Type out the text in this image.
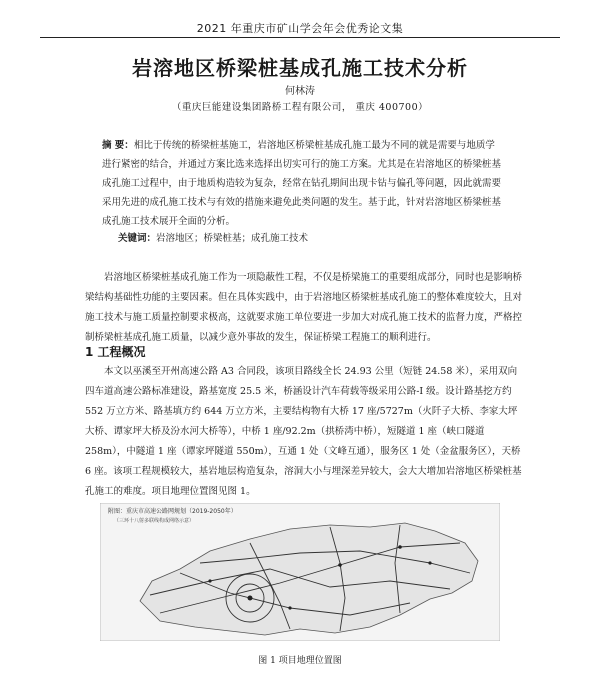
2021 年重庆市矿山学会年会优秀论文集
岩溶地区桥梁桩基成孔施工技术分析
何林涛
（重庆巨能建设集团路桥工程有限公司， 重庆 400700）

摘 要：相比于传统的桥梁桩基施工，岩溶地区桥梁桩基成孔施工最为不同的就是需要与地质学进行紧密的结合，并通过方案比选来选择出切实可行的施工方案。尤其是在岩溶地区的桥梁桩基成孔施工过程中，由于地质构造较为复杂，经常在钻孔期间出现卡钻与偏孔等问题，因此就需要采用先进的成孔施工技术与有效的措施来避免此类问题的发生。基于此，针对岩溶地区桥梁桩基成孔施工技术展开全面的分析。

关键词：岩溶地区；桥梁桩基；成孔施工技术

岩溶地区桥梁桩基成孔施工作为一项隐蔽性工程，不仅是桥梁施工的重要组成部分，同时也是影响桥梁结构基础性功能的主要因素。但在具体实践中，由于岩溶地区桥梁桩基成孔施工的整体难度较大，且对施工技术与施工质量控制要求极高，这就要求施工单位要进一步加大对成孔施工技术的监督力度，严格控制桥梁桩基成孔施工质量，以减少意外事故的发生，保证桥梁工程施工的顺利进行。

1 工程概况

本文以巫溪至开州高速公路 A3 合同段，该项目路线全长 24.93 公里（短链 24.58 米），采用双向四车道高速公路标准建设，路基宽度 25.5 米，桥涵设计汽车荷载等级采用公路-I 级。设计路基挖方约 552 万立方米、路基填方约 644 万立方米，主要结构物有大桥 17 座/5727m（火阡子大桥、李家大坪大桥、谭家坪大桥及汾水河大桥等），中桥 1 座/92.2m（拱桥湾中桥），短隧道 1 座（峡口隧道 258m），中隧道 1 座（谭家坪隧道 550m），互通 1 处（文峰互通），服务区 1 处（金盆服务区），天桥 6 座。该项工程规模较大，基岩地层构造复杂，溶洞大小与埋深差异较大，会大大增加岩溶地区桥梁桩基孔施工的难度。项目地理位置图见图 1。

附图：重庆市高速公路网规划（2019-2050年）
（三环十八射多联线构成网络示意）
图 1 项目地理位置图
